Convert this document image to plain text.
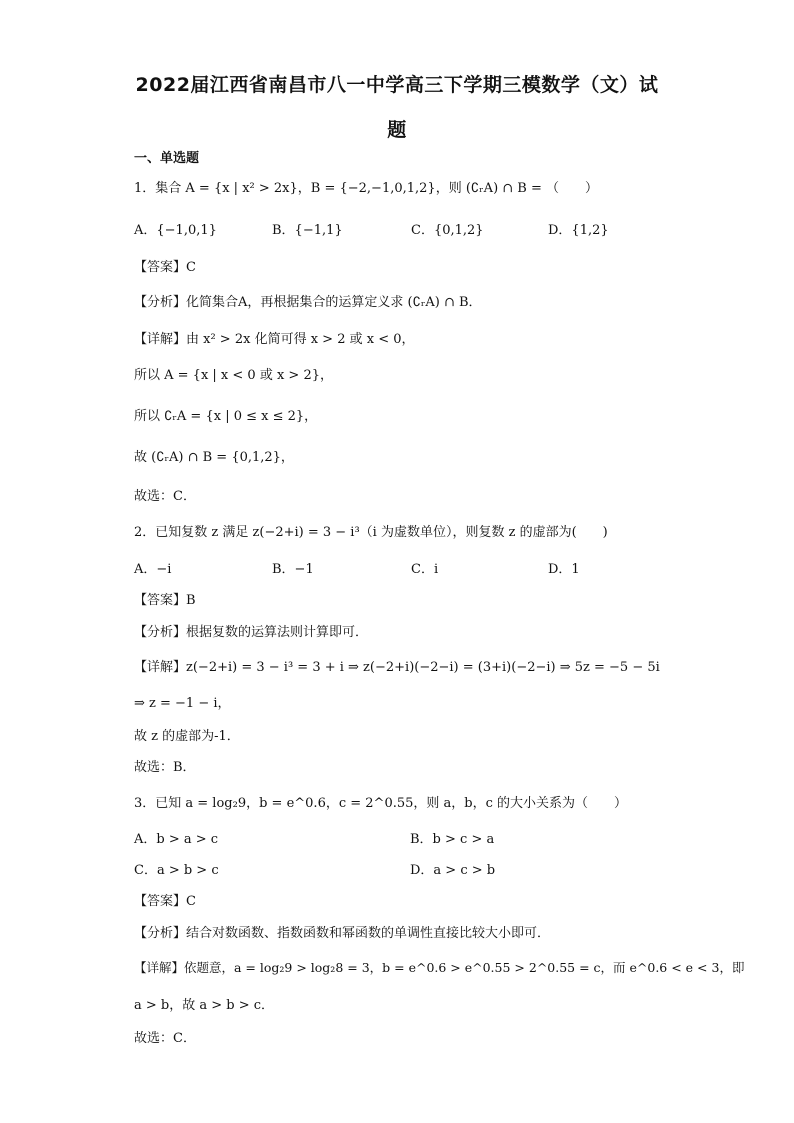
2022届江西省南昌市八一中学高三下学期三模数学（文）试
题
一、单选题
1．集合 A = {x | x² > 2x}，B = {−2,−1,0,1,2}，则 (∁ᵣA) ∩ B = （　　）
A．{−1,0,1}	B．{−1,1}	C．{0,1,2}	D．{1,2}
【答案】C
【分析】化简集合A，再根据集合的运算定义求 (∁ᵣA) ∩ B．
【详解】由 x² > 2x 化简可得 x > 2 或 x < 0，
所以 A = {x | x < 0 或 x > 2}，
所以 ∁ᵣA = {x | 0 ≤ x ≤ 2}，
故 (∁ᵣA) ∩ B = {0,1,2}，
故选：C．
2．已知复数 z 满足 z(−2+i) = 3 − i³（i 为虚数单位），则复数 z 的虚部为(　　)
A．−i	B．−1	C．i	D．1
【答案】B
【分析】根据复数的运算法则计算即可．
【详解】z(−2+i) = 3 − i³ = 3 + i ⇒ z(−2+i)(−2−i) = (3+i)(−2−i) ⇒ 5z = −5 − 5i
⇒ z = −1 − i，
故 z 的虚部为-1．
故选：B．
3．已知 a = log₂9，b = e^0.6，c = 2^0.55，则 a，b，c 的大小关系为（　　）
A．b > a > c	B．b > c > a
C．a > b > c	D．a > c > b
【答案】C
【分析】结合对数函数、指数函数和幂函数的单调性直接比较大小即可．
【详解】依题意，a = log₂9 > log₂8 = 3，b = e^0.6 > e^0.55 > 2^0.55 = c，而 e^0.6 < e < 3，即
a > b，故 a > b > c．
故选：C．
